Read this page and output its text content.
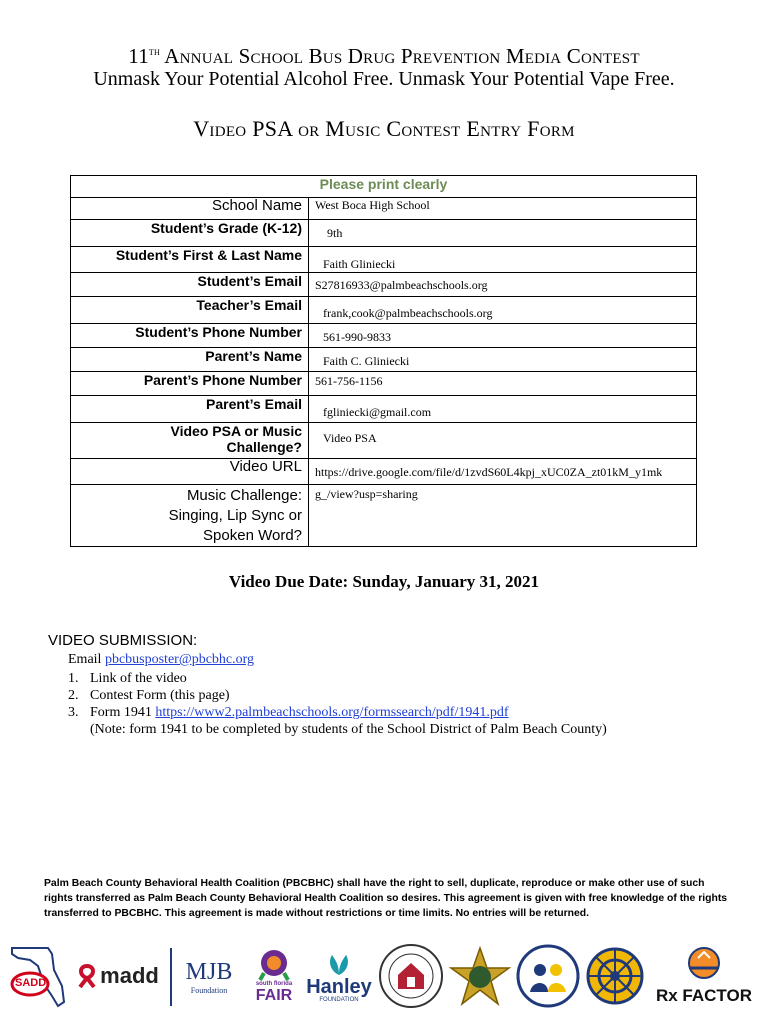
11th Annual School Bus Drug Prevention Media Contest
Unmask Your Potential Alcohol Free. Unmask Your Potential Vape Free.
Video PSA or Music Contest Entry Form
Please print clearly	
School Name	West Boca High School
Student’s Grade (K-12)	9th
Student’s First & Last Name	Faith Gliniecki
Student’s Email	S27816933@palmbeachschools.org
Teacher’s Email	frank,cook@palmbeachschools.org
Student’s Phone Number	561-990-9833
Parent’s Name	Faith C. Gliniecki
Parent’s Phone Number	561-756-1156
Parent’s Email	fgliniecki@gmail.com

Video PSA or Music
Challenge?	Video PSA
Video URL	https://drive.google.com/file/d/1zvdS60L4kpj_xUC0ZA_zt01kM_y1mk

Music Challenge:
Singing, Lip Sync or
Spoken Word?	g_/view?usp=sharing
Video Due Date: Sunday, January 31, 2021
VIDEO SUBMISSION:
Email pbcbusposter@pbcbhc.org
1. Link of the video
2. Contest Form (this page)
3. Form 1941 https://www2.palmbeachschools.org/formssearch/pdf/1941.pdf
(Note: form 1941 to be completed by students of the School District of Palm Beach County)
Palm Beach County Behavioral Health Coalition (PBCBHC) shall have the right to sell, duplicate, reproduce or make other use of such rights transferred as Palm Beach County Behavioral Health Coalition so desires. This agreement is given with free knowledge of the rights transferred to PBCBHC. This agreement is made without restrictions or time limits. No entries will be returned.
SADD madd MJB
Foundation
south florida
FAIR Hanley
FOUNDATION	Rx FACTOR
